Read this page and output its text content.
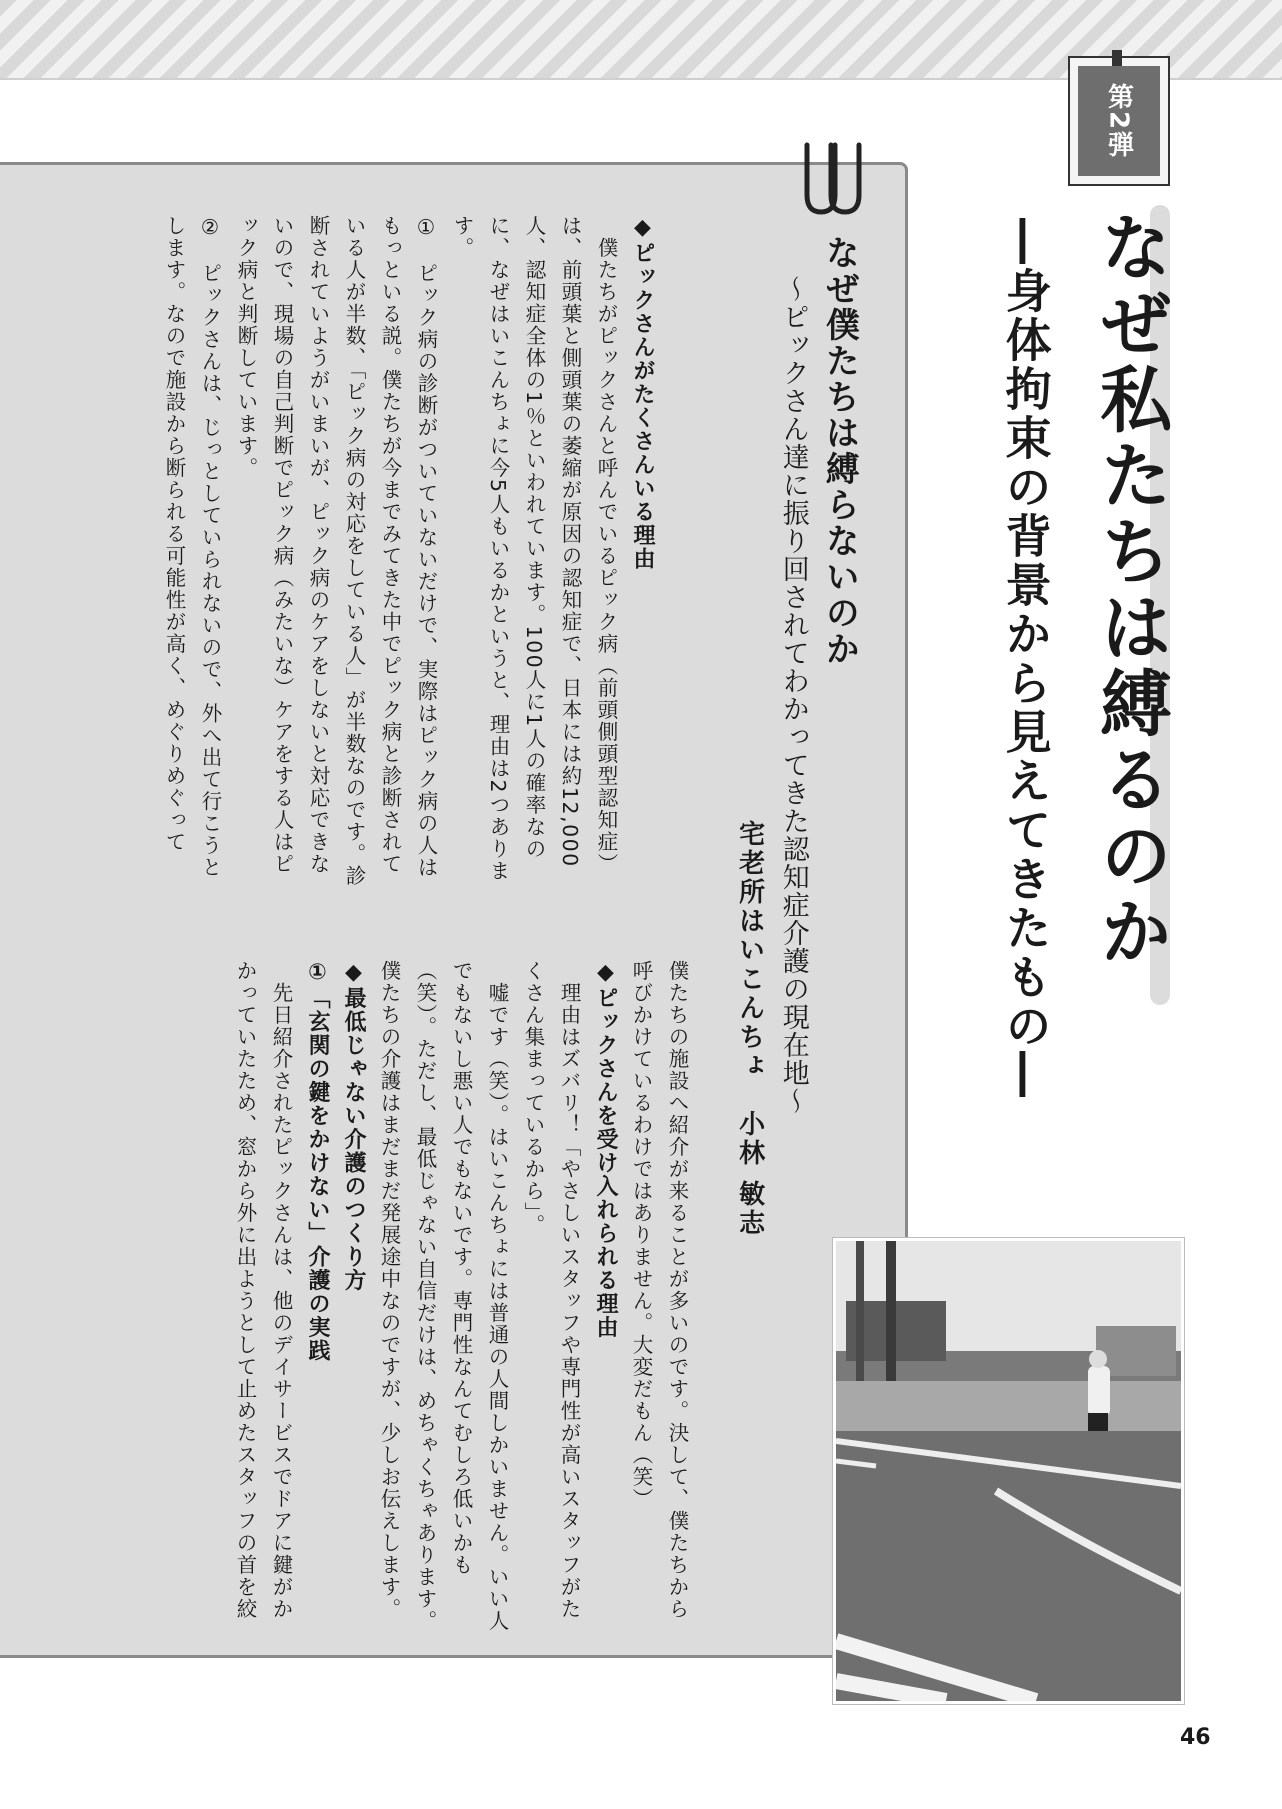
第2弾
なぜ私たちは縛るのか
―身体拘束の背景から見えてきたもの―
なぜ僕たちは縛らないのか

～ピックさん達に振り回されてわかってきた認知症介護の現在地～

宅老所はいこんちょ　小林 敏志

◆ピックさんがたくさんいる理由
　僕たちがピックさんと呼んでいるピック病（前頭側頭型認知症）は、前頭葉と側頭葉の萎縮が原因の認知症で、日本には約12,000人、認知症全体の1％といわれています。100人に1人の確率なのに、なぜはいこんちょに今5人もいるかというと、理由は2つあります。
①　ピック病の診断がついていないだけで、実際はピック病の人はもっといる説。僕たちが今までみてきた中でピック病と診断されている人が半数、「ピック病の対応をしている人」が半数なのです。診断されていようがいまいが、ピック病のケアをしないと対応できないので、現場の自己判断でピック病（みたいな）ケアをする人はピック病と判断しています。
②　ピックさんは、じっとしていられないので、外へ出て行こうとします。なので施設から断られる可能性が高く、めぐりめぐって
僕たちの施設へ紹介が来ることが多いのです。決して、僕たちから呼びかけているわけではありません。大変だもん（笑）
◆ピックさんを受け入れられる理由
　理由はズバリ！「やさしいスタッフや専門性が高いスタッフがたくさん集まっているから」。
　嘘です（笑）。はいこんちょには普通の人間しかいません。いい人でもないし悪い人でもないです。専門性なんてむしろ低いかも（笑）。ただし、最低じゃない自信だけは、めちゃくちゃあります。僕たちの介護はまだまだ発展途中なのですが、少しお伝えします。
◆最低じゃない介護のつくり方
①「玄関の鍵をかけない」介護の実践
　先日紹介されたピックさんは、他のデイサービスでドアに鍵がかかっていたため、窓から外に出ようとして止めたスタッフの首を絞
46
